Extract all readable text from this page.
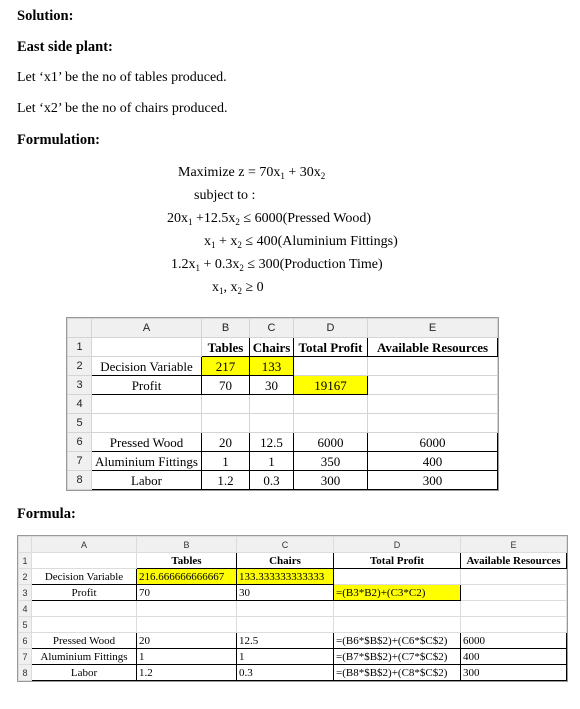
Solution:
East side plant:
Let ‘x1’ be the no of tables produced.
Let ‘x2’ be the no of chairs produced.
Formulation:
Maximize $z = 70x_1 + 30x_2$
subject to :
$20x_1 +12.5x_2$ ≤ 6000(Pressed Wood)
$x_1 + x_2$ ≤ 400(Aluminium Fittings)
$1.2x_1 + 0.3x_2$ ≤ 300(Production Time)
$x_1$, $x_2 \ge 0$
	A	B	C	D	E
1		Tables	Chairs	Total Profit	Available Resources
2	Decision Variable	217	133		
3	Profit	70	30	19167	
4					
5					
6	Pressed Wood	20	12.5	6000	6000
7	Aluminium Fittings	1	1	350	400
8	Labor	1.2	0.3	300	300
Formula:
	A	B	C	D	E
1		Tables	Chairs	Total Profit	Available Resources
2	Decision Variable	216.666666666667	133.333333333333		
3	Profit	70	30	=(B3*B2)+(C3*C2)	
4					
5					
6	Pressed Wood	20	12.5	=(B6*$B$2)+(C6*$C$2)	6000
7	Aluminium Fittings	1	1	=(B7*$B$2)+(C7*$C$2)	400
8	Labor	1.2	0.3	=(B8*$B$2)+(C8*$C$2)	300
